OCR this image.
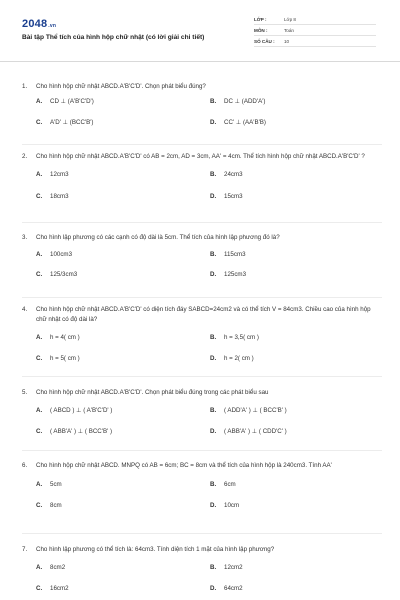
2048.vn
Bài tập Thể tích của hình hộp chữ nhật (có lời giải chi tiết)
LỚP :	Lớp 8
MÔN :	Toán
SỐ CÂU :	10
1.	Cho hình hộp chữ nhật ABCD.A'B'C'D'. Chọn phát biểu đúng?
A.	CD ⊥ (A'B'C'D')	B.	DC ⊥ (ADD'A')
C.	A'D' ⊥ (BCC'B')	D.	CC' ⊥ (AA'B'B)
2.	Cho hình hộp chữ nhật ABCD.A'B'C'D' có AB = 2cm, AD = 3cm, AA' = 4cm. Thể tích hình hộp chữ nhật ABCD.A'B'C'D' ?
A.	12cm3	B.	24cm3
C.	18cm3	D.	15cm3
3.	Cho hình lập phương có các cạnh có độ dài là 5cm. Thể tích của hình lập phương đó là?
A.	100cm3	B.	115cm3
C.	125/3cm3	D.	125cm3
4.	Cho hình hộp chữ nhật ABCD.A'B'C'D' có diện tích đáy SABCD=24cm2 và có thể tích V = 84cm3. Chiều cao của hình hộp chữ nhật có độ dài là?
A.	h = 4( cm )	B.	h = 3,5( cm )
C.	h = 5( cm )	D.	h = 2( cm )
5.	Cho hình hộp chữ nhật ABCD.A'B'C'D'. Chọn phát biểu đúng trong các phát biểu sau
A.	( ABCD ) ⊥ ( A'B'C'D' )	B.	( ADD'A' ) ⊥ ( BCC'B' )
C.	( ABB'A' ) ⊥ ( BCC'B' )	D.	( ABB'A' ) ⊥ ( CDD'C' )
6.	Cho hình hộp chữ nhật ABCD. MNPQ có AB = 6cm; BC = 8cm và thể tích của hình hộp là 240cm3. Tính AA'
A.	5cm	B.	6cm
C.	8cm	D.	10cm
7.	Cho hình lập phương có thể tích là: 64cm3. Tính diện tích 1 mặt của hình lập phương?
A.	8cm2	B.	12cm2
C.	16cm2	D.	64cm2
